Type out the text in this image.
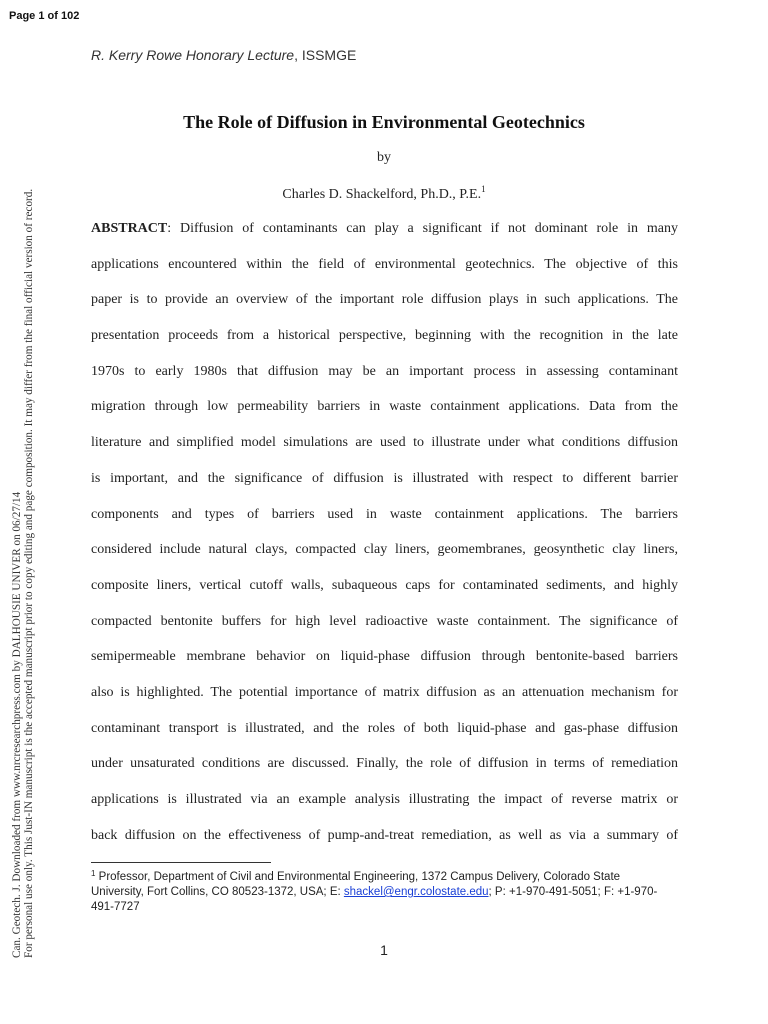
Page 1 of 102
R. Kerry Rowe Honorary Lecture, ISSMGE
Can. Geotech. J. Downloaded from www.nrcresearchpress.com by DALHOUSIE UNIVER on 06/27/14 For personal use only. This Just-IN manuscript is the accepted manuscript prior to copy editing and page composition. It may differ from the final official version of record.
The Role of Diffusion in Environmental Geotechnics
by
Charles D. Shackelford, Ph.D., P.E.$^1$
ABSTRACT: Diffusion of contaminants can play a significant if not dominant role in many
applications encountered within the field of environmental geotechnics. The objective of this
paper is to provide an overview of the important role diffusion plays in such applications. The
presentation proceeds from a historical perspective, beginning with the recognition in the late
1970s to early 1980s that diffusion may be an important process in assessing contaminant
migration through low permeability barriers in waste containment applications. Data from the
literature and simplified model simulations are used to illustrate under what conditions diffusion
is important, and the significance of diffusion is illustrated with respect to different barrier
components and types of barriers used in waste containment applications. The barriers
considered include natural clays, compacted clay liners, geomembranes, geosynthetic clay liners,
composite liners, vertical cutoff walls, subaqueous caps for contaminated sediments, and highly
compacted bentonite buffers for high level radioactive waste containment. The significance of
semipermeable membrane behavior on liquid-phase diffusion through bentonite-based barriers
also is highlighted. The potential importance of matrix diffusion as an attenuation mechanism for
contaminant transport is illustrated, and the roles of both liquid-phase and gas-phase diffusion
under unsaturated conditions are discussed. Finally, the role of diffusion in terms of remediation
applications is illustrated via an example analysis illustrating the impact of reverse matrix or
back diffusion on the effectiveness of pump-and-treat remediation, as well as via a summary of
$^1$ Professor, Department of Civil and Environmental Engineering, 1372 Campus Delivery, Colorado State
University, Fort Collins, CO 80523-1372, USA; E: shackel@engr.colostate.edu; P: +1-970-491-5051; F: +1-970-
491-7727
1
